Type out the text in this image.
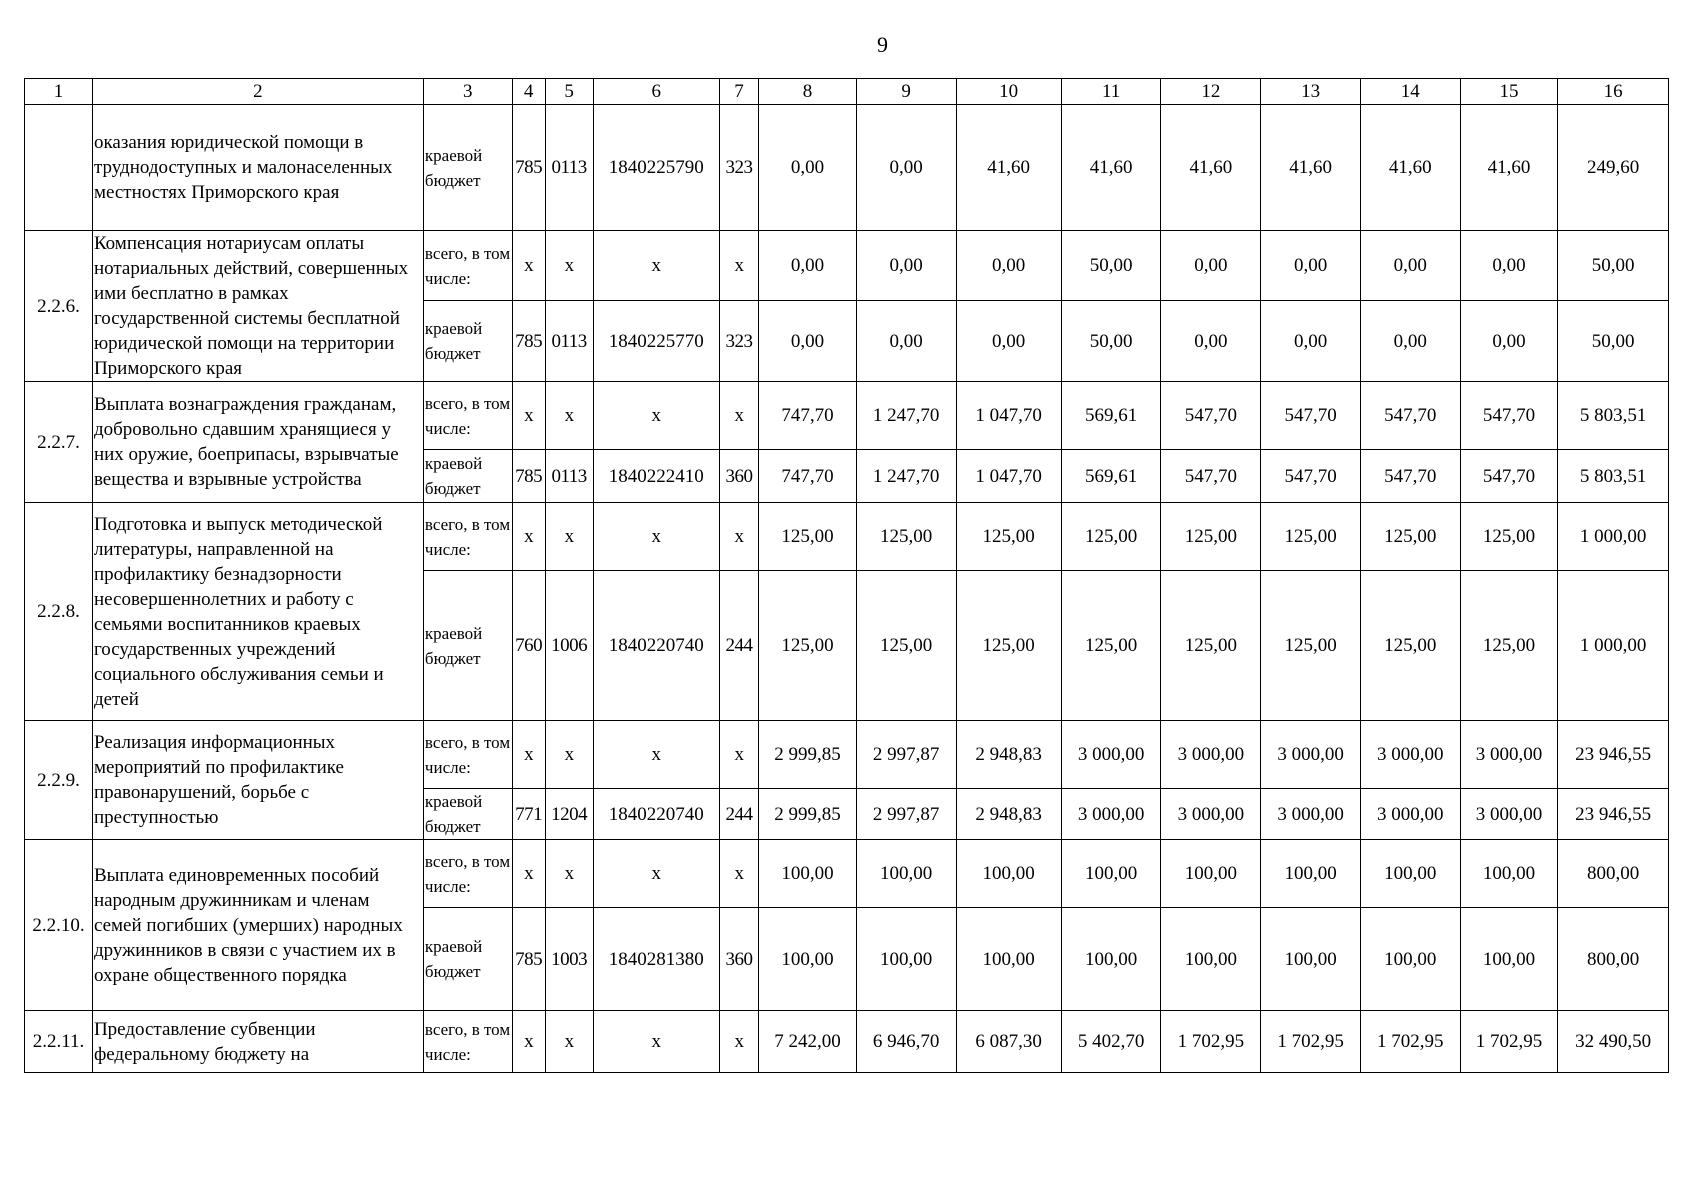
9
1	2	3	4	5	6	7	8	9	10	11	12	13	14	15	16
	оказания юридической помощи в труднодоступных и малонаселенных местностях Приморского края	краевой бюджет	785	0113	1840225790	323	0,00	0,00	41,60	41,60	41,60	41,60	41,60	41,60	249,60
2.2.6.	Компенсация нотариусам оплаты нотариальных действий, совершенных ими бесплатно в рамках государственной системы бесплатной юридической помощи на территории Приморского края	всего, в том числе:	х	х	х	х	0,00	0,00	0,00	50,00	0,00	0,00	0,00	0,00	50,00
		краевой бюджет	785	0113	1840225770	323	0,00	0,00	0,00	50,00	0,00	0,00	0,00	0,00	50,00
2.2.7.	Выплата вознаграждения гражданам, добровольно сдавшим хранящиеся у них оружие, боеприпасы, взрывчатые вещества и взрывные устройства	всего, в том числе:	х	х	х	х	747,70	1 247,70	1 047,70	569,61	547,70	547,70	547,70	547,70	5 803,51
		краевой бюджет	785	0113	1840222410	360	747,70	1 247,70	1 047,70	569,61	547,70	547,70	547,70	547,70	5 803,51
2.2.8.	Подготовка и выпуск методической литературы, направленной на профилактику безнадзорности несовершеннолетних и работу с семьями воспитанников краевых государственных учреждений социального обслуживания семьи и детей	всего, в том числе:	х	х	х	х	125,00	125,00	125,00	125,00	125,00	125,00	125,00	125,00	1 000,00
		краевой бюджет	760	1006	1840220740	244	125,00	125,00	125,00	125,00	125,00	125,00	125,00	125,00	1 000,00
2.2.9.	Реализация информационных мероприятий по профилактике правонарушений, борьбе с преступностью	всего, в том числе:	х	х	х	х	2 999,85	2 997,87	2 948,83	3 000,00	3 000,00	3 000,00	3 000,00	3 000,00	23 946,55
		краевой бюджет	771	1204	1840220740	244	2 999,85	2 997,87	2 948,83	3 000,00	3 000,00	3 000,00	3 000,00	3 000,00	23 946,55
2.2.10.	Выплата единовременных пособий народным дружинникам и членам семей погибших (умерших) народных дружинников в связи с участием их в охране общественного порядка	всего, в том числе:	х	х	х	х	100,00	100,00	100,00	100,00	100,00	100,00	100,00	100,00	800,00
		краевой бюджет	785	1003	1840281380	360	100,00	100,00	100,00	100,00	100,00	100,00	100,00	100,00	800,00
2.2.11.	Предоставление субвенции федеральному бюджету на	всего, в том числе:	х	х	х	х	7 242,00	6 946,70	6 087,30	5 402,70	1 702,95	1 702,95	1 702,95	1 702,95	32 490,50
